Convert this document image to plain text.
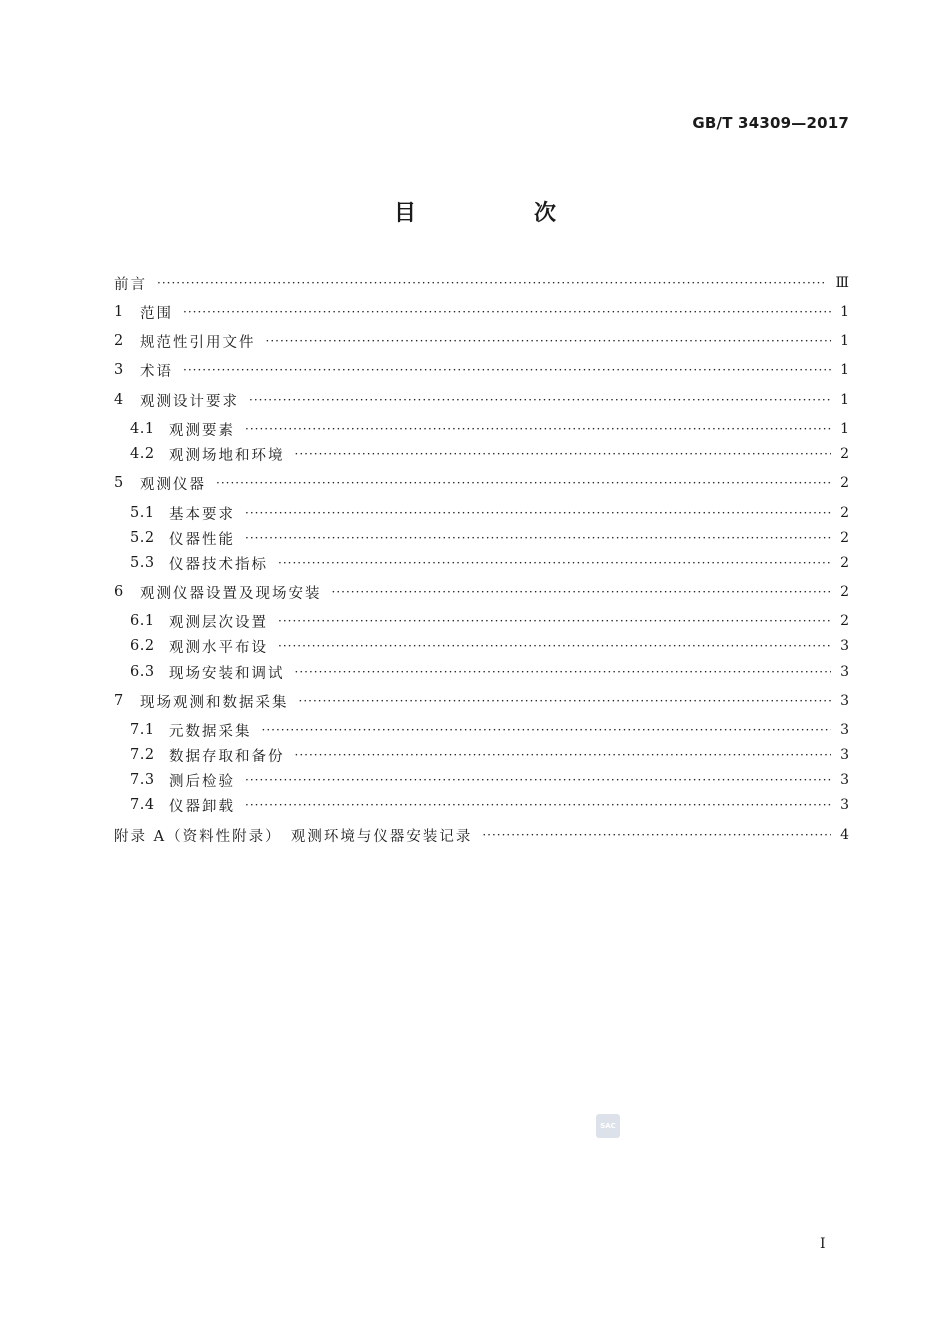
GB/T 34309—2017
目　次
前言 ·····	Ⅲ
1	范围 ·····	1
2	规范性引用文件 ·····	1
3	术语 ·····	1
4	观测设计要求 ·····	1
4.1 观测要素 ·····	1
4.2 观测场地和环境 ·····	2
5	观测仪器 ·····	2
5.1 基本要求 ·····	2
5.2 仪器性能 ·····	2
5.3 仪器技术指标 ·····	2
6	观测仪器设置及现场安装 ·····	2
6.1 观测层次设置 ·····	2
6.2 观测水平布设 ·····	3
6.3 现场安装和调试 ·····	3
7	现场观测和数据采集 ·····	3
7.1 元数据采集 ·····	3
7.2 数据存取和备份 ·····	3
7.3 测后检验 ·····	3
7.4 仪器卸载 ·····	3
附录 A（资料性附录）　观测环境与仪器安装记录 ·····	4
SAC
Ⅰ
